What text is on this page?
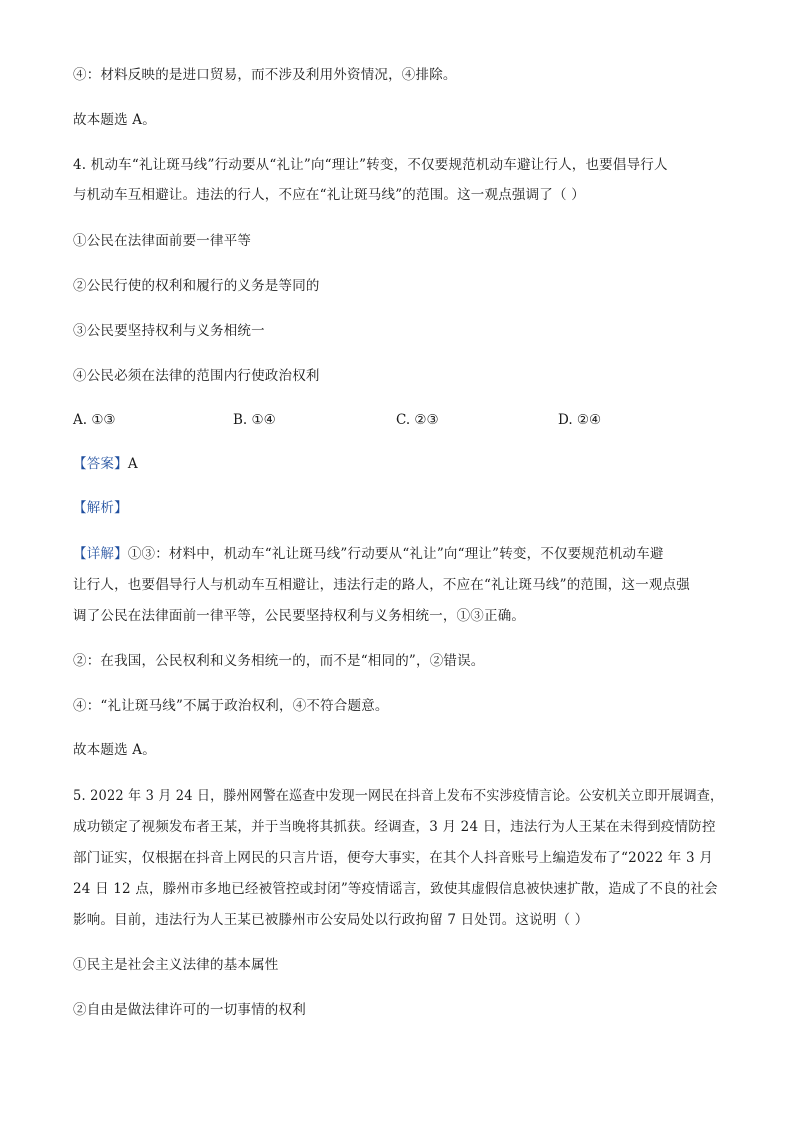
④：材料反映的是进口贸易，而不涉及利用外资情况，④排除。
故本题选 A。
4. 机动车“礼让斑马线”行动要从“礼让”向“理让”转变，不仅要规范机动车避让行人，也要倡导行人
与机动车互相避让。违法的行人，不应在“礼让斑马线”的范围。这一观点强调了（ ）
①公民在法律面前要一律平等
②公民行使的权利和履行的义务是等同的
③公民要坚持权利与义务相统一
④公民必须在法律的范围内行使政治权利
A. ①③	B. ①④	C. ②③	D. ②④
【答案】A
【解析】
【详解】①③：材料中，机动车“礼让斑马线”行动要从“礼让”向“理让”转变，不仅要规范机动车避
让行人，也要倡导行人与机动车互相避让，违法行走的路人，不应在“礼让斑马线”的范围，这一观点强
调了公民在法律面前一律平等，公民要坚持权利与义务相统一，①③正确。
②：在我国，公民权利和义务相统一的，而不是“相同的”，②错误。
④：“礼让斑马线”不属于政治权利，④不符合题意。
故本题选 A。
5. 2022 年 3 月 24 日，滕州网警在巡查中发现一网民在抖音上发布不实涉疫情言论。公安机关立即开展调查，
成功锁定了视频发布者王某，并于当晚将其抓获。经调查，3 月 24 日，违法行为人王某在未得到疫情防控
部门证实，仅根据在抖音上网民的只言片语，便夸大事实，在其个人抖音账号上编造发布了“2022 年 3 月
24 日 12 点，滕州市多地已经被管控或封闭”等疫情谣言，致使其虚假信息被快速扩散，造成了不良的社会
影响。目前，违法行为人王某已被滕州市公安局处以行政拘留 7 日处罚。这说明（ ）
①民主是社会主义法律的基本属性
②自由是做法律许可的一切事情的权利
